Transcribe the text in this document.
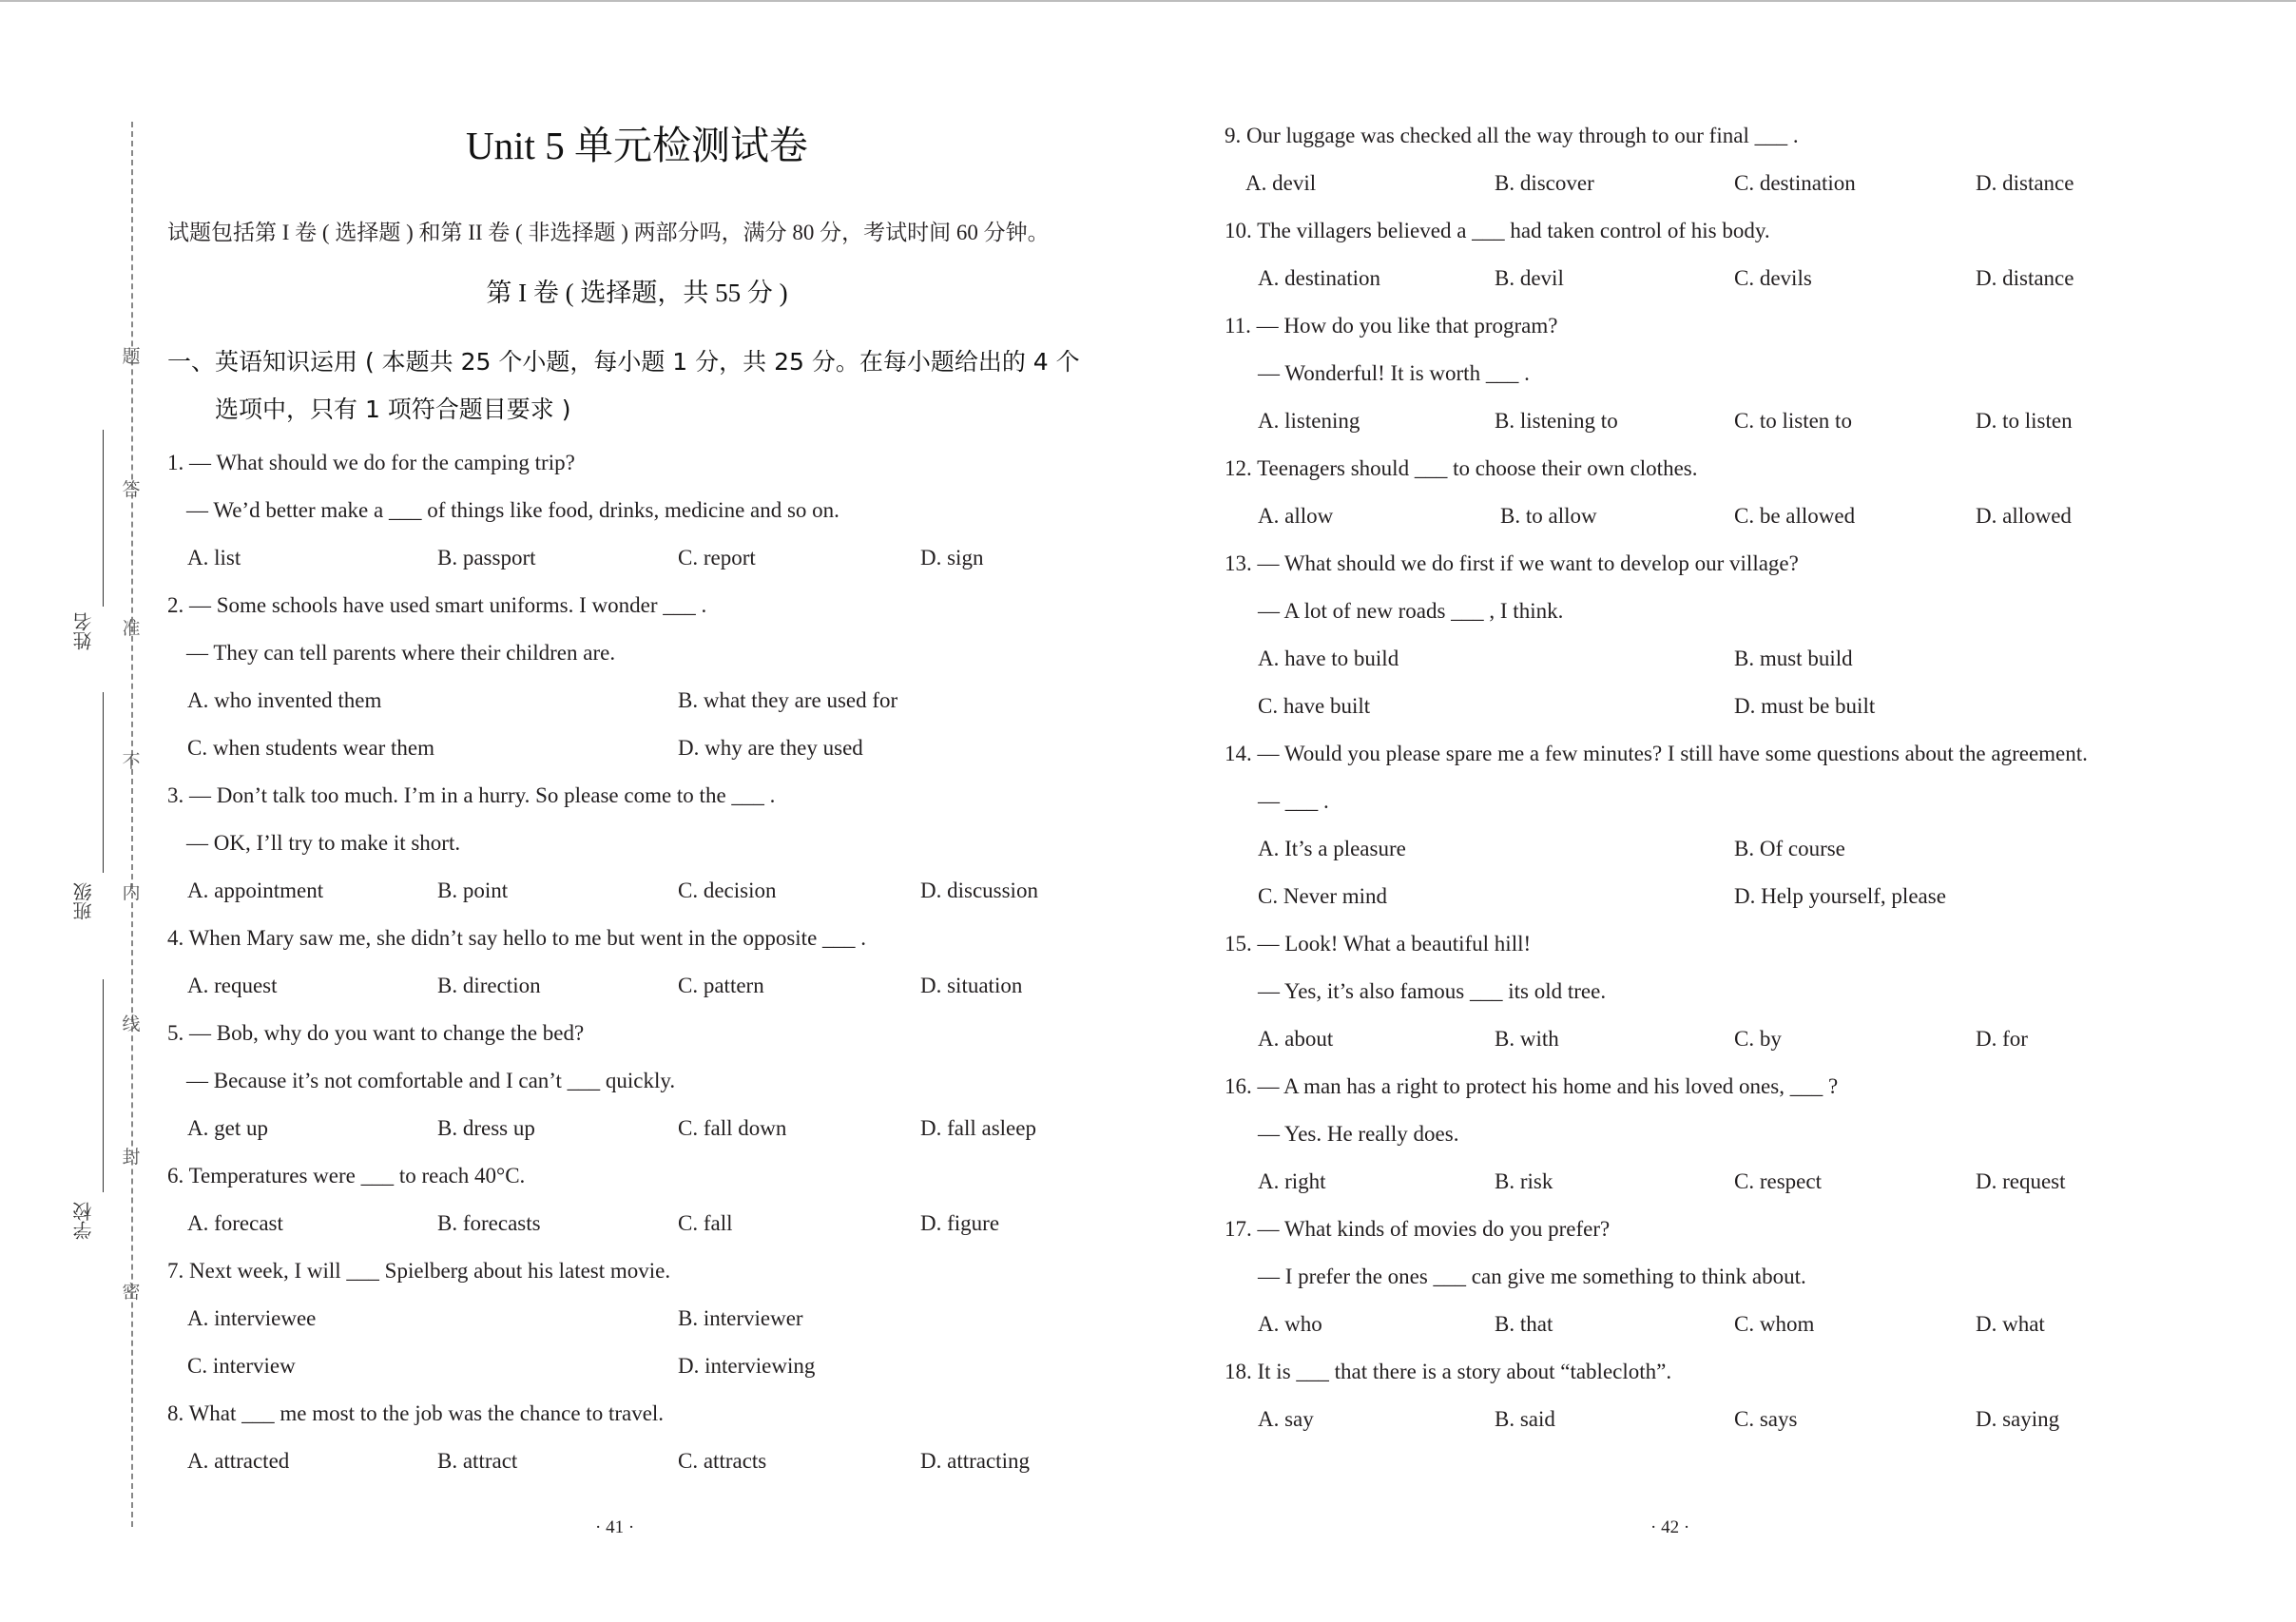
题
答
准
不
内
线
封
密
姓名
班级
学校
Unit 5 单元检测试卷
试题包括第 I 卷 ( 选择题 ) 和第 II 卷 ( 非选择题 ) 两部分吗，满分 80 分，考试时间 60 分钟。
第 I 卷 ( 选择题，共 55 分 )
一、英语知识运用 ( 本题共 25 个小题，每小题 1 分，共 25 分。在每小题给出的 4 个
选项中，只有 1 项符合题目要求 )
1. — What should we do for the camping trip?
— We’d better make a ___ of things like food, drinks, medicine and so on.
A. list	B. passport	C. report	D. sign
2. — Some schools have used smart uniforms. I wonder ___ .
— They can tell parents where their children are.
A. who invented them	B. what they are used for
C. when students wear them	D. why are they used
3. — Don’t talk too much. I’m in a hurry. So please come to the ___ .
— OK, I’ll try to make it short.
A. appointment	B. point	C. decision	D. discussion
4. When Mary saw me, she didn’t say hello to me but went in the opposite ___ .
A. request	B. direction	C. pattern	D. situation
5. — Bob, why do you want to change the bed?
— Because it’s not comfortable and I can’t ___ quickly.
A. get up	B. dress up	C. fall down	D. fall asleep
6. Temperatures were ___ to reach 40°C.
A. forecast	B. forecasts	C. fall	D. figure
7. Next week, I will ___ Spielberg about his latest movie.
A. interviewee	B. interviewer
C. interview	D. interviewing
8. What ___ me most to the job was the chance to travel.
A. attracted	B. attract	C. attracts	D. attracting
· 41 ·
9. Our luggage was checked all the way through to our final ___ .
A. devil	B. discover	C. destination	D. distance
10. The villagers believed a ___ had taken control of his body.
A. destination	B. devil	C. devils	D. distance
11. — How do you like that program?
— Wonderful! It is worth ___ .
A. listening	B. listening to	C. to listen to	D. to listen
12. Teenagers should ___ to choose their own clothes.
A. allow	B. to allow	C. be allowed	D. allowed
13. — What should we do first if we want to develop our village?
— A lot of new roads ___ , I think.
A. have to build	B. must build
C. have built	D. must be built
14. — Would you please spare me a few minutes? I still have some questions about the agreement.
— ___ .
A. It’s a pleasure	B. Of course
C. Never mind	D. Help yourself, please
15. — Look! What a beautiful hill!
— Yes, it’s also famous ___ its old tree.
A. about	B. with	C. by	D. for
16. — A man has a right to protect his home and his loved ones, ___ ?
— Yes. He really does.
A. right	B. risk	C. respect	D. request
17. — What kinds of movies do you prefer?
— I prefer the ones ___ can give me something to think about.
A. who	B. that	C. whom	D. what
18. It is ___ that there is a story about “tablecloth”.
A. say	B. said	C. says	D. saying
· 42 ·
